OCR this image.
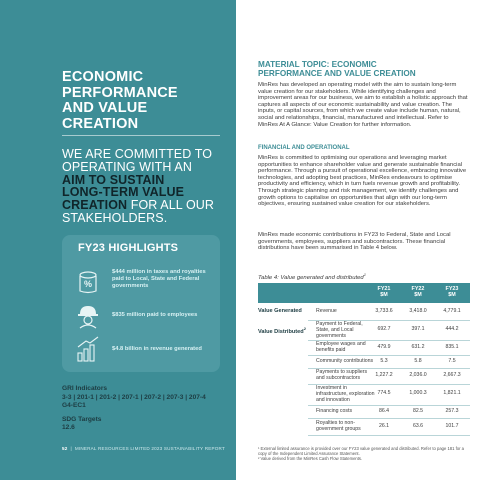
ECONOMIC
PERFORMANCE
AND VALUE
CREATION
WE ARE COMMITTED TO
OPERATING WITH AN
AIM TO SUSTAIN
LONG-TERM VALUE
CREATION FOR ALL OUR
STAKEHOLDERS.
FY23 HIGHLIGHTS
%
$444 million in taxes and royalties paid to Local, State and Federal governments
$835 million paid to employees
$4.8 billion in revenue generated
GRI Indicators
3-3 | 201-1 | 201-2 | 207-1 | 207-2 | 207-3 | 207-4
G4-EC1
SDG Targets
12.6
52  |  MINERAL RESOURCES LIMITED 2023 SUSTAINABILITY REPORT
MATERIAL TOPIC: ECONOMIC
PERFORMANCE AND VALUE CREATION

MinRes has developed an operating model with the aim to sustain long-term value creation for our stakeholders. While identifying challenges and improvement areas for our business, we aim to establish a holistic approach that captures all aspects of our economic sustainability and value creation. The inputs, or capital sources, from which we create value include human, natural, social and relationships, financial, manufactured and intellectual. Refer to MinRes At A Glance: Value Creation for further information.

FINANCIAL AND OPERATIONAL

MinRes is committed to optimising our operations and leveraging market opportunities to enhance shareholder value and generate sustainable financial performance. Through a pursuit of operational excellence, embracing innovative technologies, and adopting best practices, MinRes endeavours to optimise productivity and efficiency, which in turn fuels revenue growth and profitability. Through strategic planning and risk management, we identify challenges and growth options to capitalise on opportunities that align with our long-term objectives, ensuring sustained value creation for our stakeholders.

MinRes made economic contributions in FY23 to Federal, State and Local governments, employees, suppliers and subcontractors. These financial distributions have been summarised in Table 4 below.

Table 4: Value generated and distributed$^1$
FY21
$M
FY22
$M
FY23
$M
Value Generated
Value Distributed$^2$
Revenue	3,733.6	3,418.0	4,779.1
Payment to Federal, State, and Local governments
692.7	397.1	444.2
Employee wages and benefits paid	479.9	631.2	835.1
Community contributions	5.3	5.8	7.5
Payments to suppliers and subcontractors	1,227.2	2,036.0	2,667.3
Investment in infrastructure, exploration and innovation
774.5	1,000.3	1,821.1
Financing costs	86.4	82.5	257.3
Royalties to non-government groups	26.1	63.6	101.7
¹ External limited assurance is provided over our FY23 value generated and distributed. Refer to page 181 for a copy of the Independent Limited Assurance Statement.
² Value derived from the MinRes Cash Flow Statements.
